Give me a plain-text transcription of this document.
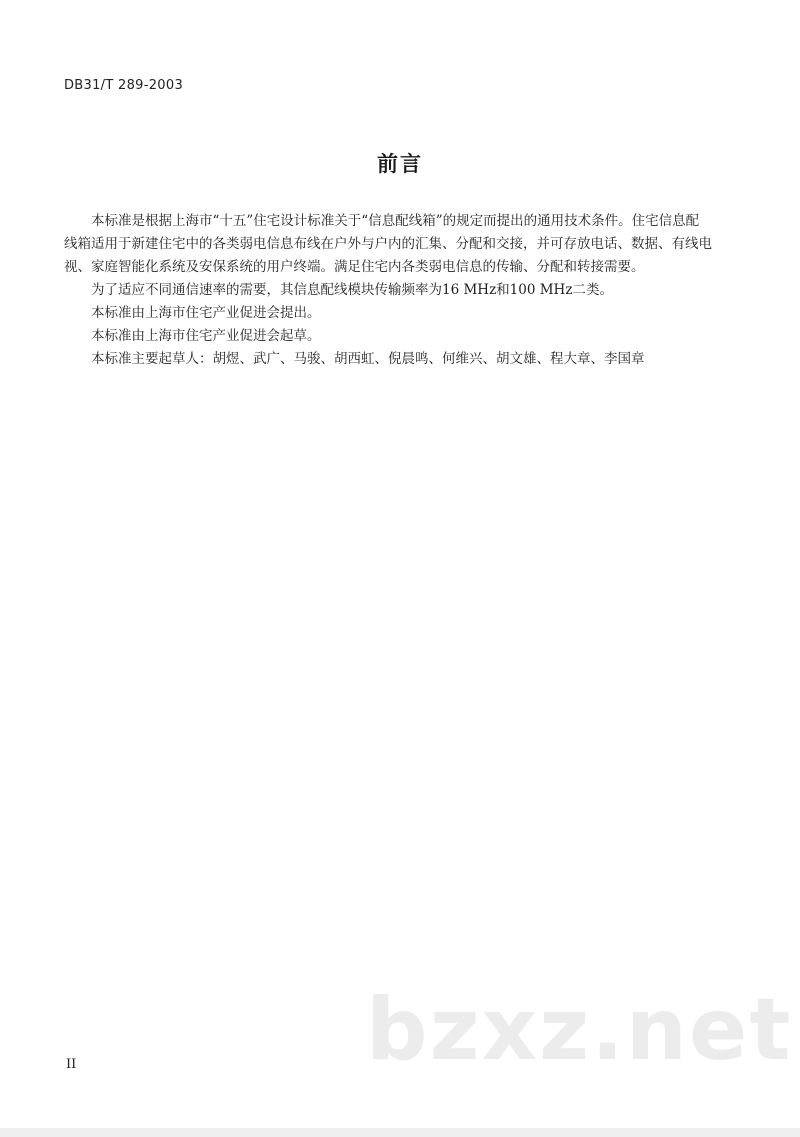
DB31/T 289-2003
前言

本标准是根据上海市“十五”住宅设计标准关于“信息配线箱”的规定而提出的通用技术条件。住宅信息配线箱适用于新建住宅中的各类弱电信息布线在户外与户内的汇集、分配和交接，并可存放电话、数据、有线电视、家庭智能化系统及安保系统的用户终端。满足住宅内各类弱电信息的传输、分配和转接需要。

为了适应不同通信速率的需要，其信息配线模块传输频率为16 MHz和100 MHz二类。

本标准由上海市住宅产业促进会提出。

本标准由上海市住宅产业促进会起草。

本标准主要起草人：胡煜、武广、马骏、胡西虹、倪晨鸣、何维兴、胡文雄、程大章、李国章

bzxz.net
II
